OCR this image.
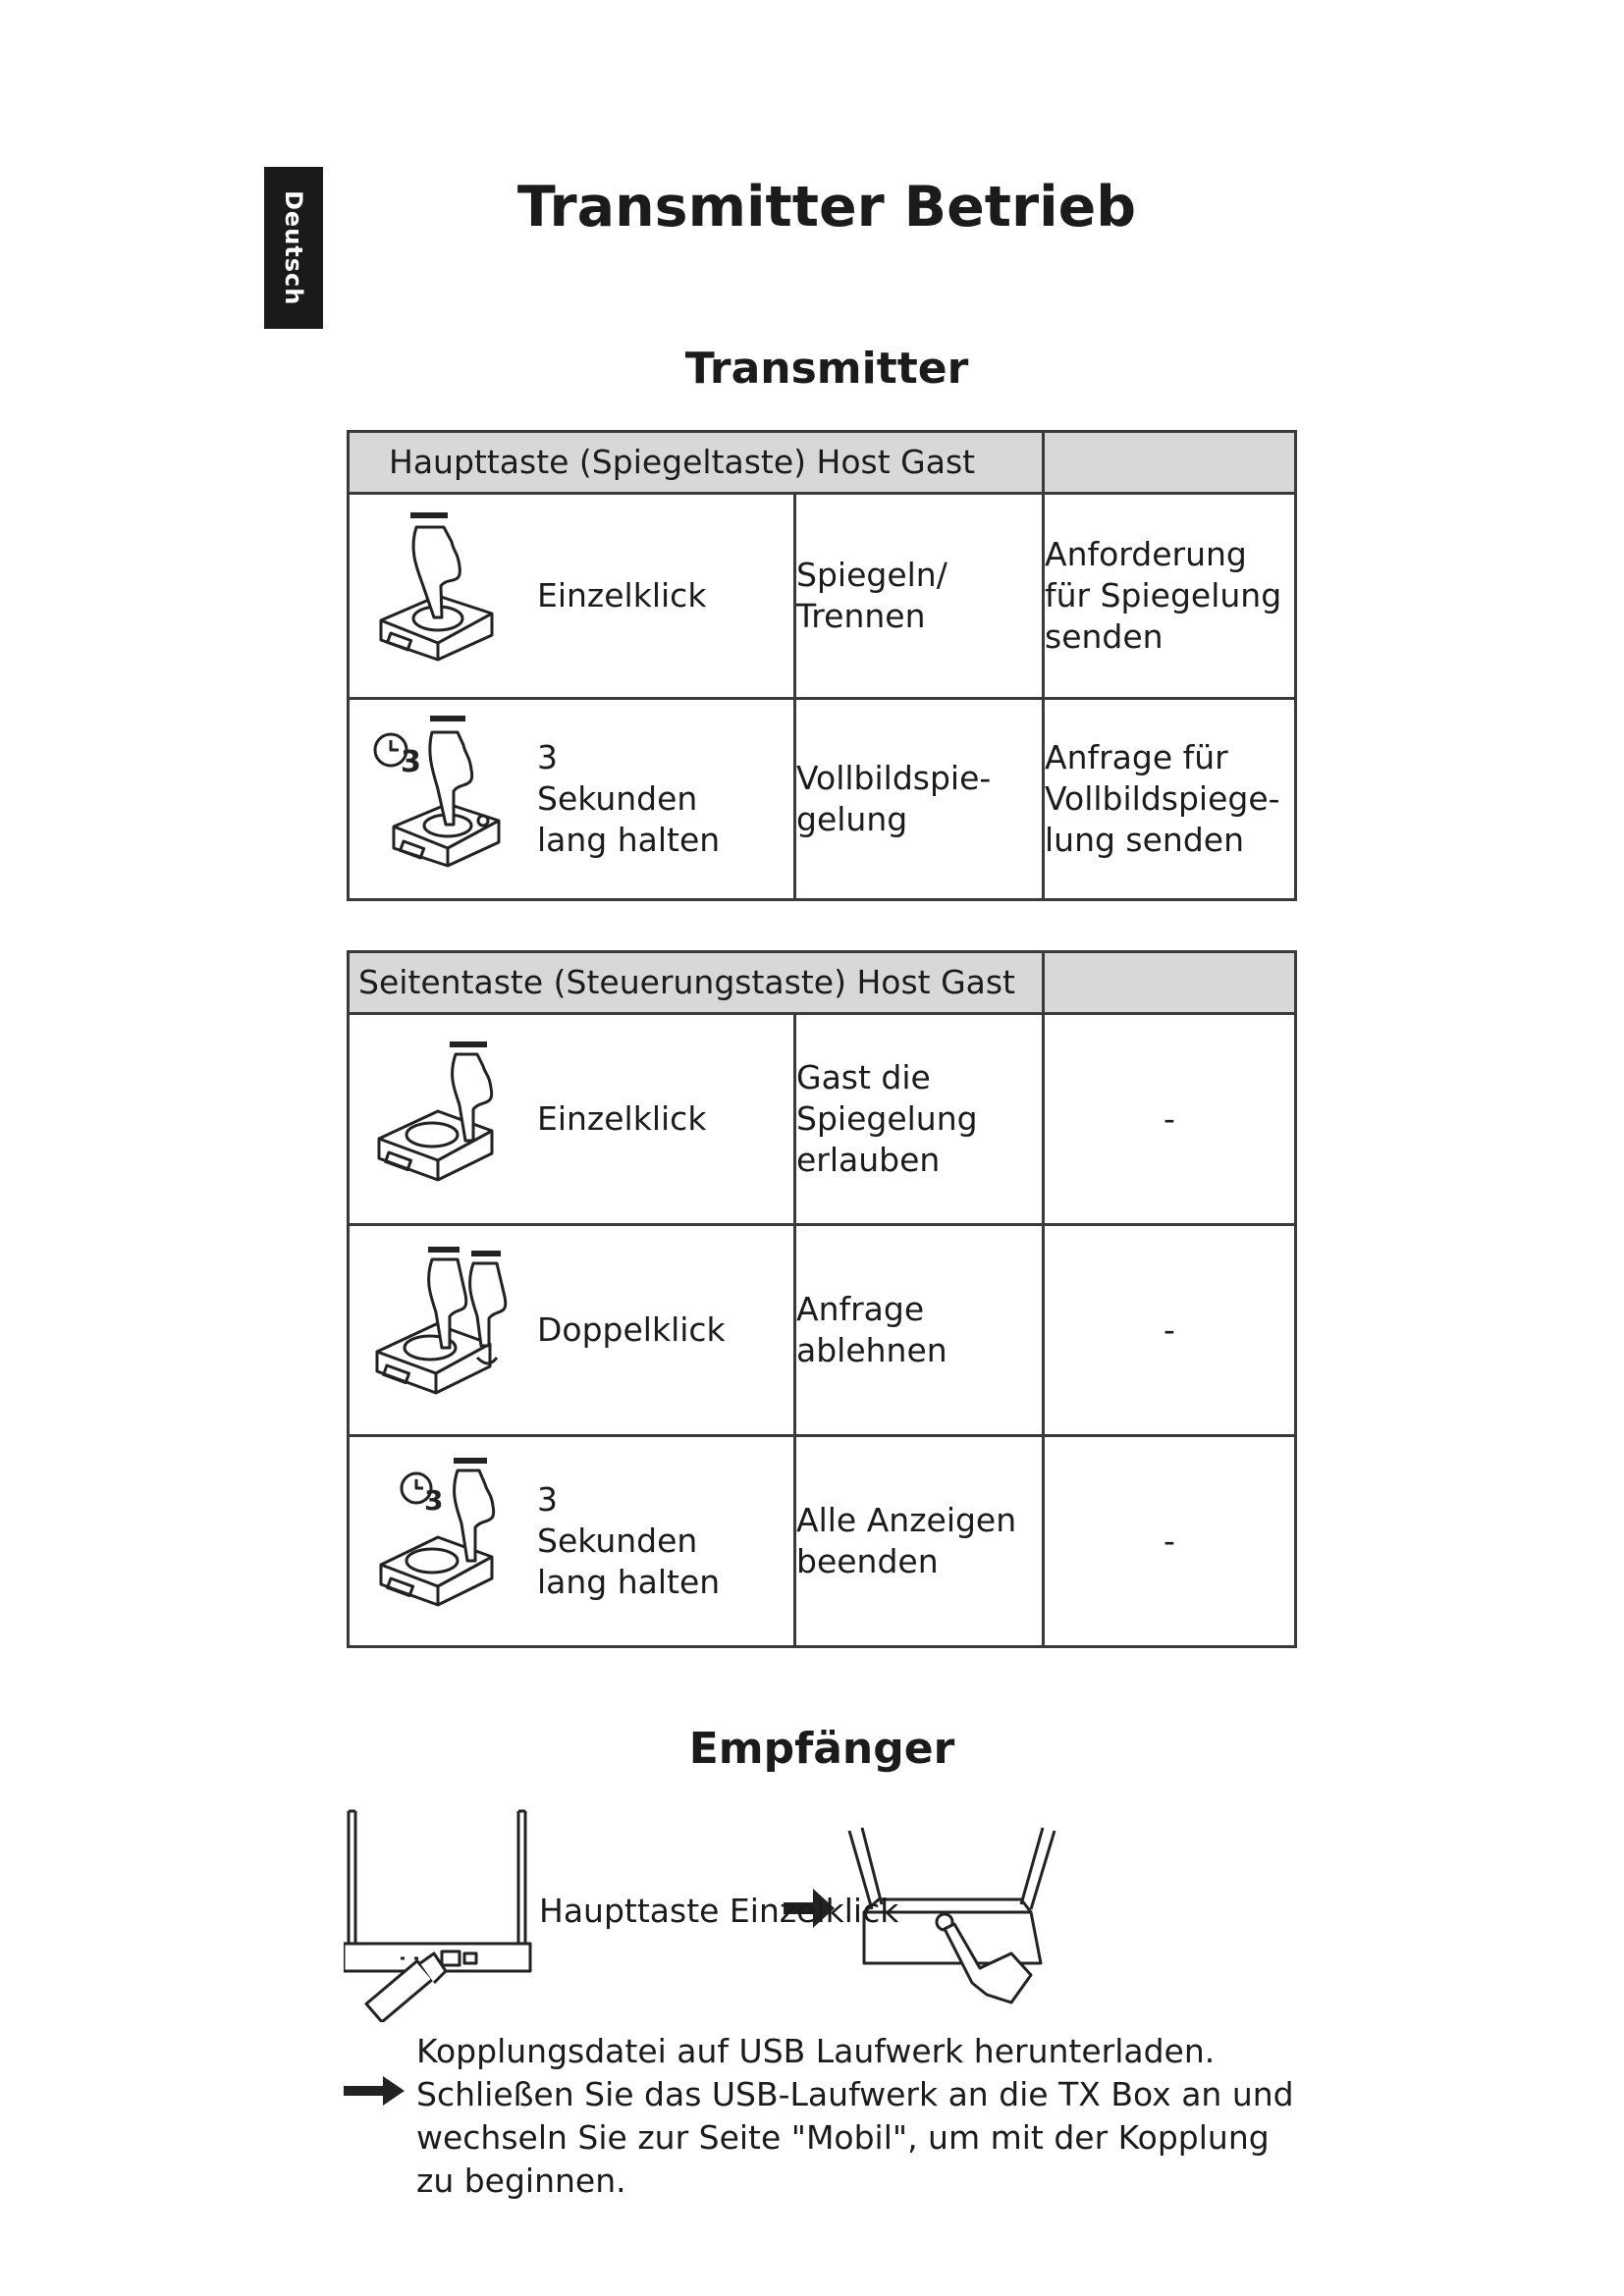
Deutsch	Transmitter Betrieb
Transmitter
Haupttaste (Spiegeltaste) Host Gast		

Einzelklick	Spiegeln/ Trennen	Anforderung für Spiegelung senden

3 3 Sekunden lang halten	Vollbildspie- gelung	Anfrage für Vollbildspiege- lung senden
Seitentaste (Steuerungstaste) Host Gast		

Einzelklick	Gast die Spiegelung erlauben	-

Doppelklick	Anfrage ablehnen	-

3 3 Sekunden lang halten	Alle Anzeigen beenden	-
Empfänger
Haupttaste Einzelklick
Kopplungsdatei auf USB Laufwerk herunterladen. Schließen Sie das USB-Laufwerk an die TX Box an und wechseln Sie zur Seite "Mobil", um mit der Kopplung zu beginnen.
